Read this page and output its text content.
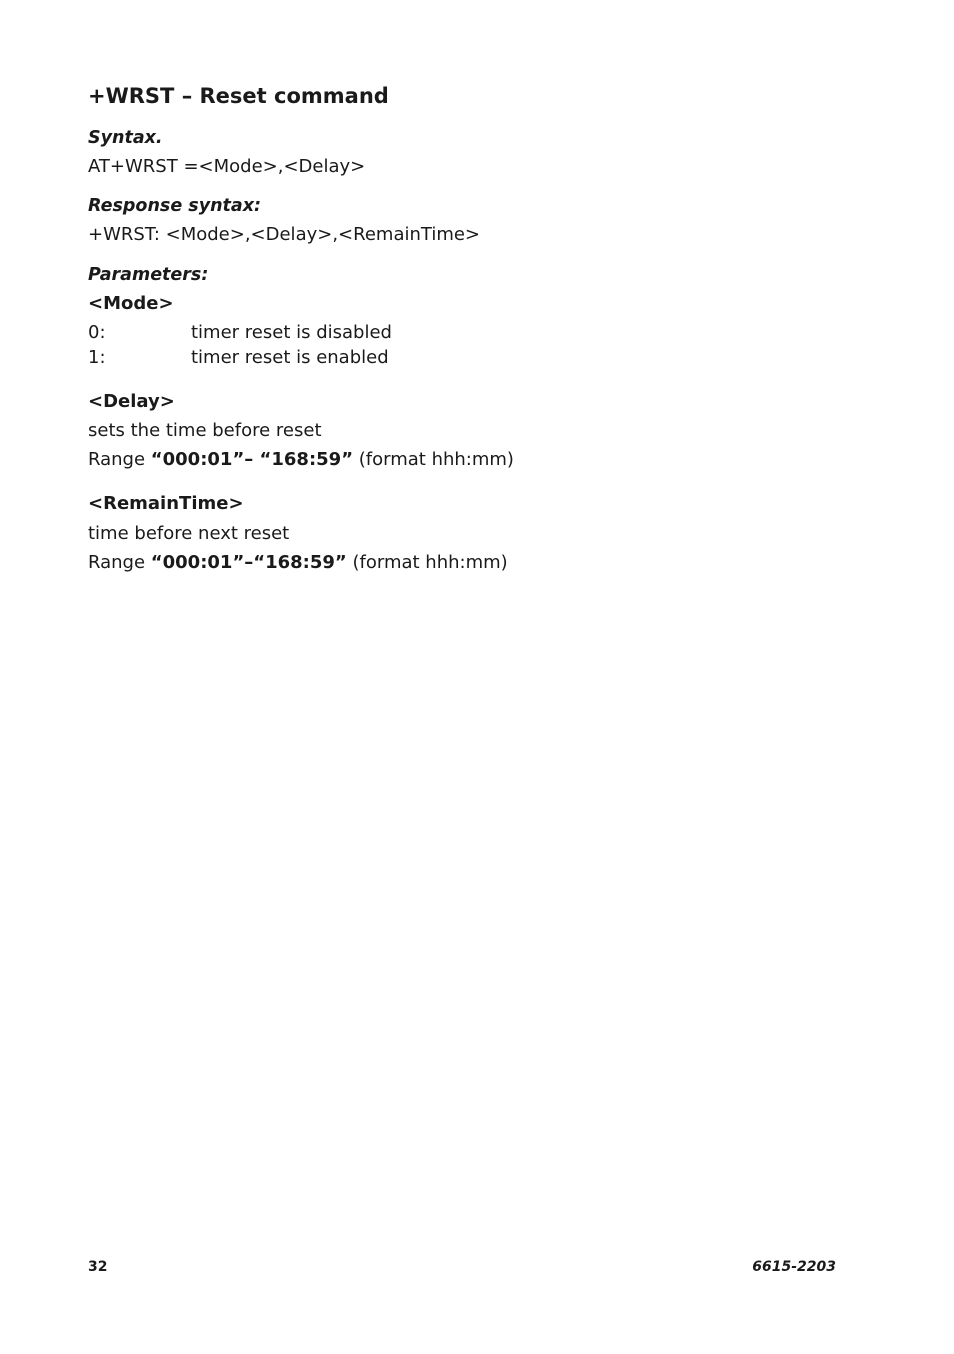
+WRST – Reset command
Syntax.
AT+WRST =<Mode>,<Delay>
Response syntax:
+WRST: <Mode>,<Delay>,<RemainTime>
Parameters:
<Mode>
0:	timer reset is disabled
1:	timer reset is enabled
<Delay>
sets the time before reset
Range “000:01”– “168:59” (format hhh:mm)
<RemainTime>
time before next reset
Range “000:01”–“168:59” (format hhh:mm)
32	6615-2203
